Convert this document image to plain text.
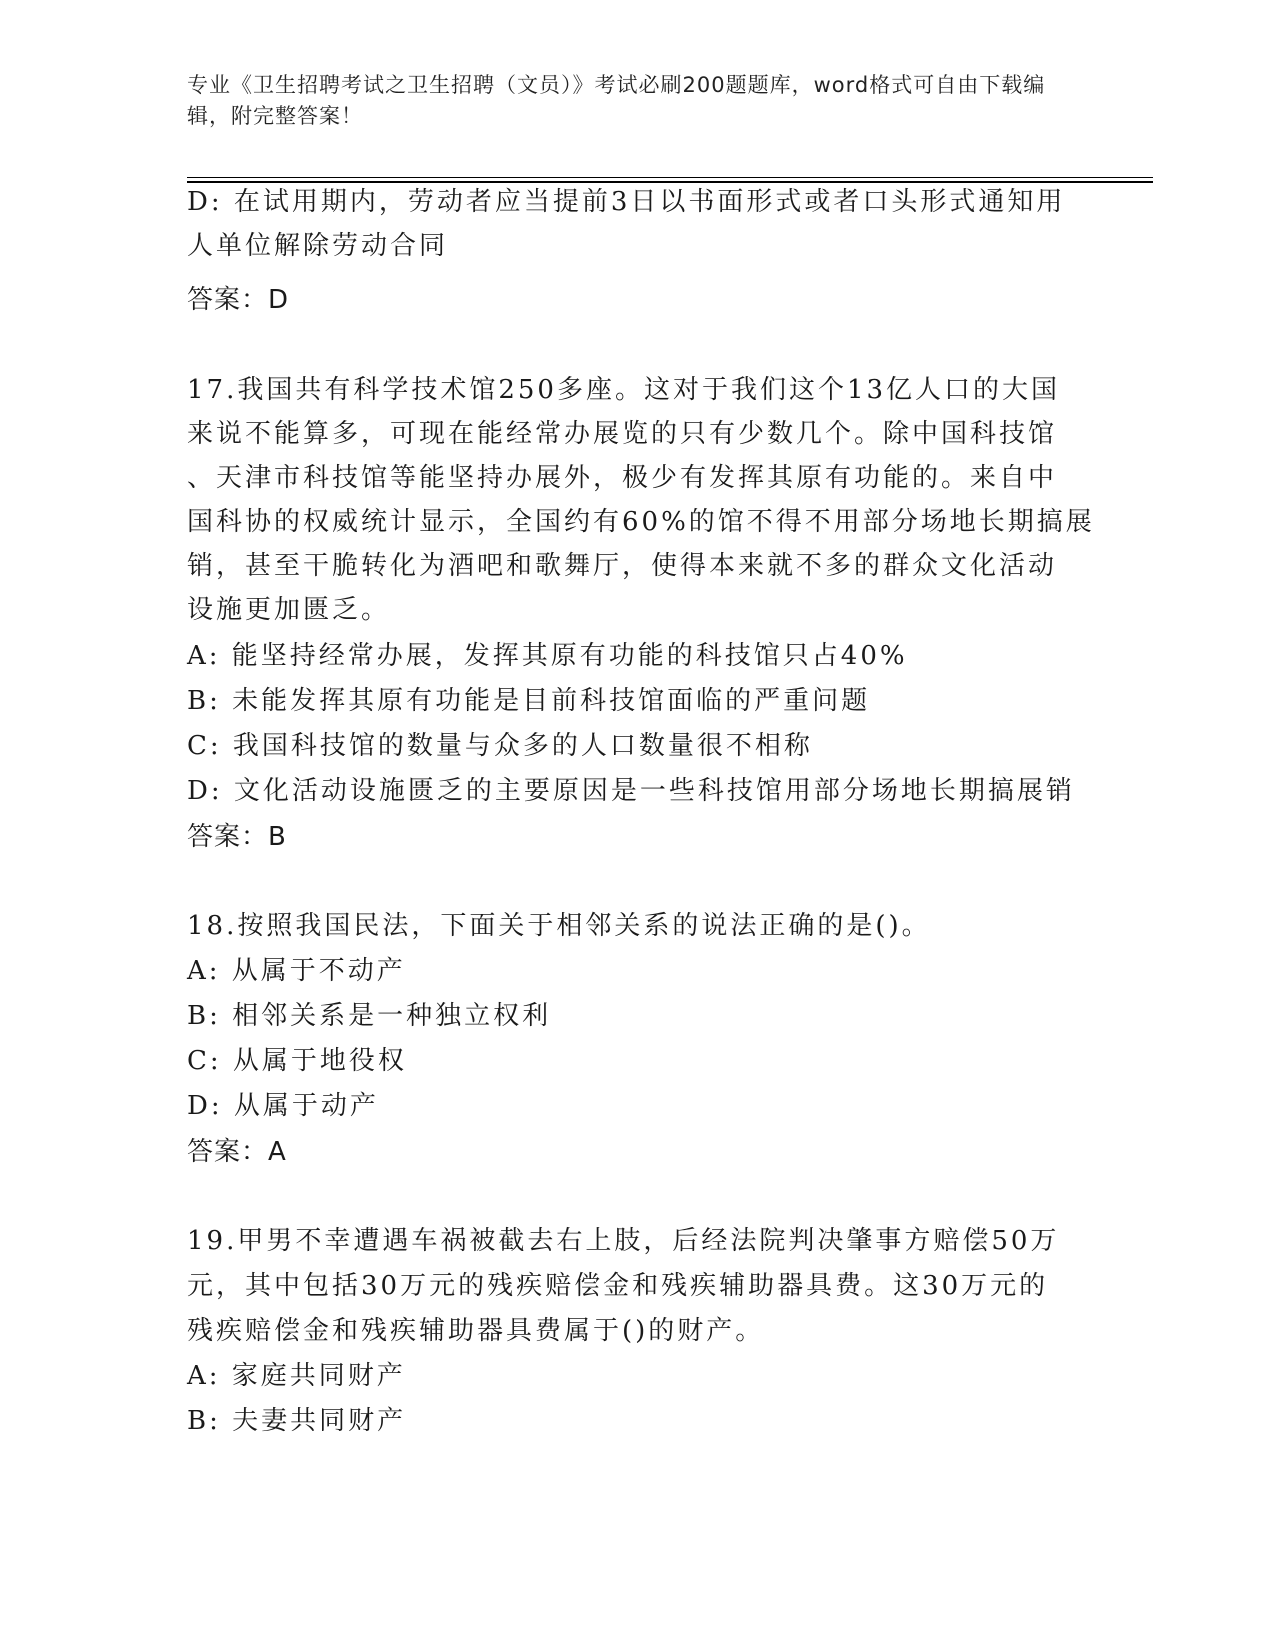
专业《卫生招聘考试之卫生招聘（文员）》考试必刷200题题库，word格式可自由下载编辑，附完整答案！
D: 在试用期内，劳动者应当提前3日以书面形式或者口头形式通知用
人单位解除劳动合同
答案：D
17.我国共有科学技术馆250多座。这对于我们这个13亿人口的大国
来说不能算多，可现在能经常办展览的只有少数几个。除中国科技馆
、天津市科技馆等能坚持办展外，极少有发挥其原有功能的。来自中
国科协的权威统计显示，全国约有60%的馆不得不用部分场地长期搞展
销，甚至干脆转化为酒吧和歌舞厅，使得本来就不多的群众文化活动
设施更加匮乏。
A: 能坚持经常办展，发挥其原有功能的科技馆只占40%
B: 未能发挥其原有功能是目前科技馆面临的严重问题
C: 我国科技馆的数量与众多的人口数量很不相称
D: 文化活动设施匮乏的主要原因是一些科技馆用部分场地长期搞展销
答案：B
18.按照我国民法，下面关于相邻关系的说法正确的是()。
A: 从属于不动产
B: 相邻关系是一种独立权利
C: 从属于地役权
D: 从属于动产
答案：A
19.甲男不幸遭遇车祸被截去右上肢，后经法院判决肇事方赔偿50万
元，其中包括30万元的残疾赔偿金和残疾辅助器具费。这30万元的
残疾赔偿金和残疾辅助器具费属于()的财产。
A: 家庭共同财产
B: 夫妻共同财产
